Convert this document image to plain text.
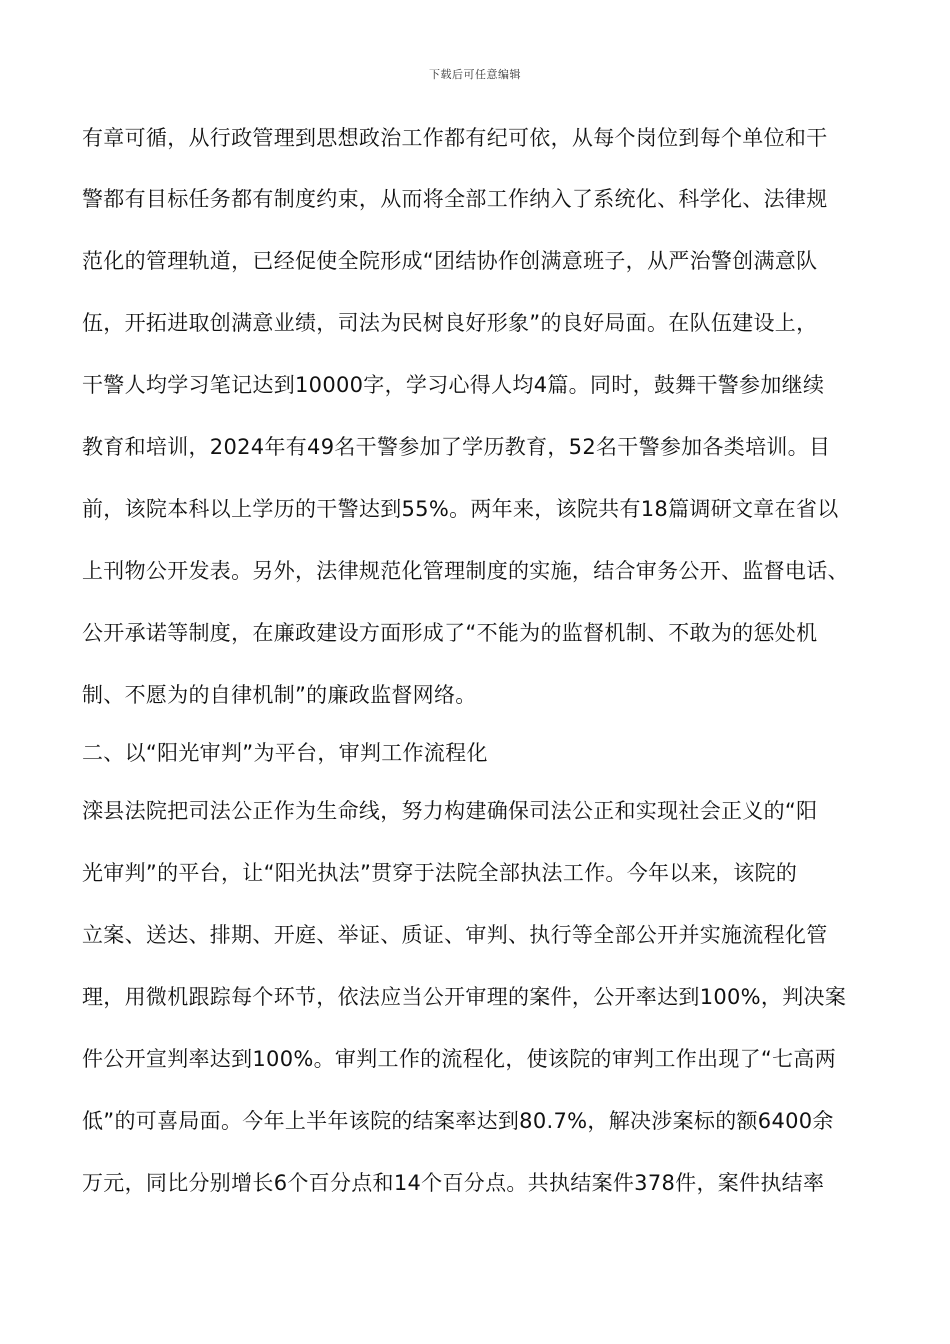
下载后可任意编辑
有章可循，从行政管理到思想政治工作都有纪可依，从每个岗位到每个单位和干
警都有目标任务都有制度约束，从而将全部工作纳入了系统化、科学化、法律规
范化的管理轨道，已经促使全院形成“团结协作创满意班子，从严治警创满意队
伍，开拓进取创满意业绩，司法为民树良好形象”的良好局面。在队伍建设上，
干警人均学习笔记达到10000字，学习心得人均4篇。同时，鼓舞干警参加继续
教育和培训，2024年有49名干警参加了学历教育，52名干警参加各类培训。目
前，该院本科以上学历的干警达到55%。两年来，该院共有18篇调研文章在省以
上刊物公开发表。另外，法律规范化管理制度的实施，结合审务公开、监督电话、
公开承诺等制度，在廉政建设方面形成了“不能为的监督机制、不敢为的惩处机
制、不愿为的自律机制”的廉政监督网络。
二、以“阳光审判”为平台，审判工作流程化
滦县法院把司法公正作为生命线，努力构建确保司法公正和实现社会正义的“阳
光审判”的平台，让“阳光执法”贯穿于法院全部执法工作。今年以来，该院的
立案、送达、排期、开庭、举证、质证、审判、执行等全部公开并实施流程化管
理，用微机跟踪每个环节，依法应当公开审理的案件，公开率达到100%，判决案
件公开宣判率达到100%。审判工作的流程化，使该院的审判工作出现了“七高两
低”的可喜局面。今年上半年该院的结案率达到80.7%，解决涉案标的额6400余
万元，同比分别增长6个百分点和14个百分点。共执结案件378件，案件执结率
